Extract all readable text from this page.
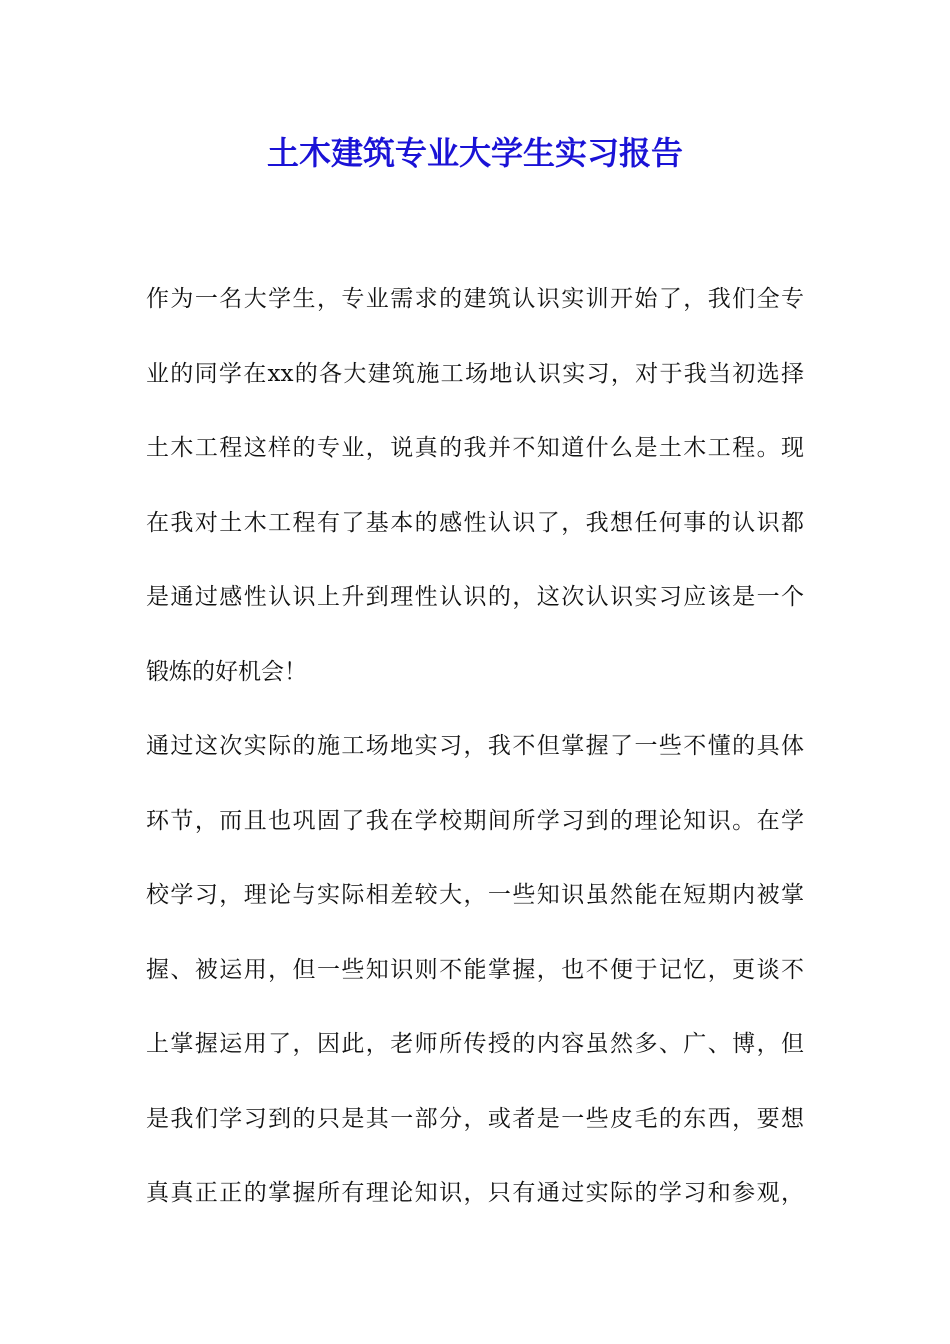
土木建筑专业大学生实习报告

作为一名大学生，专业需求的建筑认识实训开始了，我们全专
业的同学在xx的各大建筑施工场地认识实习，对于我当初选择
土木工程这样的专业，说真的我并不知道什么是土木工程。现
在我对土木工程有了基本的感性认识了，我想任何事的认识都
是通过感性认识上升到理性认识的，这次认识实习应该是一个
锻炼的好机会！

通过这次实际的施工场地实习，我不但掌握了一些不懂的具体
环节，而且也巩固了我在学校期间所学习到的理论知识。在学
校学习，理论与实际相差较大，一些知识虽然能在短期内被掌
握、被运用，但一些知识则不能掌握，也不便于记忆，更谈不
上掌握运用了，因此，老师所传授的内容虽然多、广、博，但
是我们学习到的只是其一部分，或者是一些皮毛的东西，要想
真真正正的掌握所有理论知识，只有通过实际的学习和参观，
